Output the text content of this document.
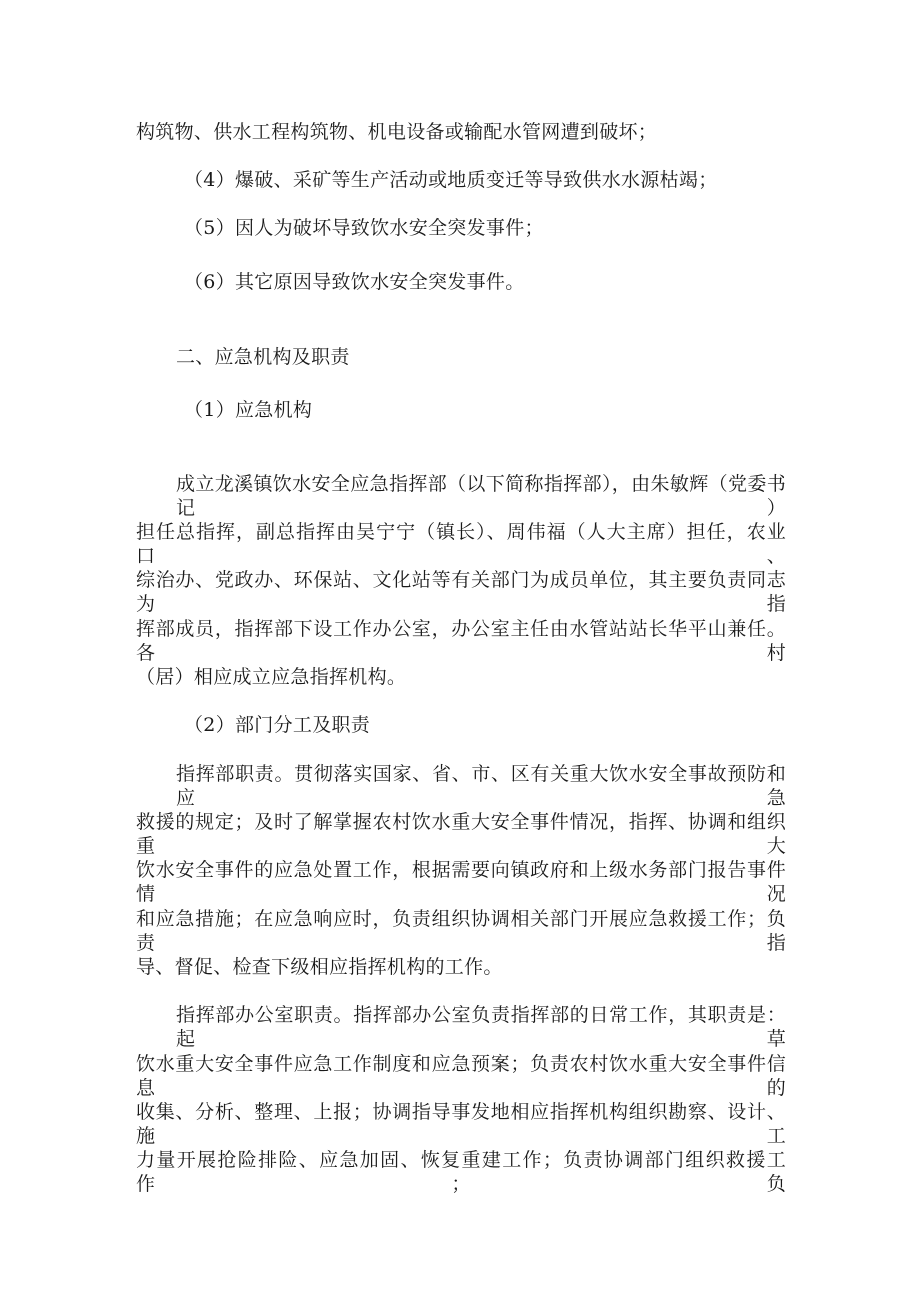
构筑物、供水工程构筑物、机电设备或输配水管网遭到破坏；
（4）爆破、采矿等生产活动或地质变迁等导致供水水源枯竭；
（5）因人为破坏导致饮水安全突发事件；
（6）其它原因导致饮水安全突发事件。
二、应急机构及职责
（1）应急机构
成立龙溪镇饮水安全应急指挥部（以下简称指挥部），由朱敏辉（党委书记）
担任总指挥，副总指挥由吴宁宁（镇长）、周伟福（人大主席）担任，农业口、
综治办、党政办、环保站、文化站等有关部门为成员单位，其主要负责同志为指
挥部成员，指挥部下设工作办公室，办公室主任由水管站站长华平山兼任。各村
（居）相应成立应急指挥机构。
（2）部门分工及职责
指挥部职责。贯彻落实国家、省、市、区有关重大饮水安全事故预防和应急
救援的规定；及时了解掌握农村饮水重大安全事件情况，指挥、协调和组织重大
饮水安全事件的应急处置工作，根据需要向镇政府和上级水务部门报告事件情况
和应急措施；在应急响应时，负责组织协调相关部门开展应急救援工作；负责指
导、督促、检查下级相应指挥机构的工作。
指挥部办公室职责。指挥部办公室负责指挥部的日常工作，其职责是：起草
饮水重大安全事件应急工作制度和应急预案；负责农村饮水重大安全事件信息的
收集、分析、整理、上报；协调指导事发地相应指挥机构组织勘察、设计、施工
力量开展抢险排险、应急加固、恢复重建工作；负责协调部门组织救援工作；负
